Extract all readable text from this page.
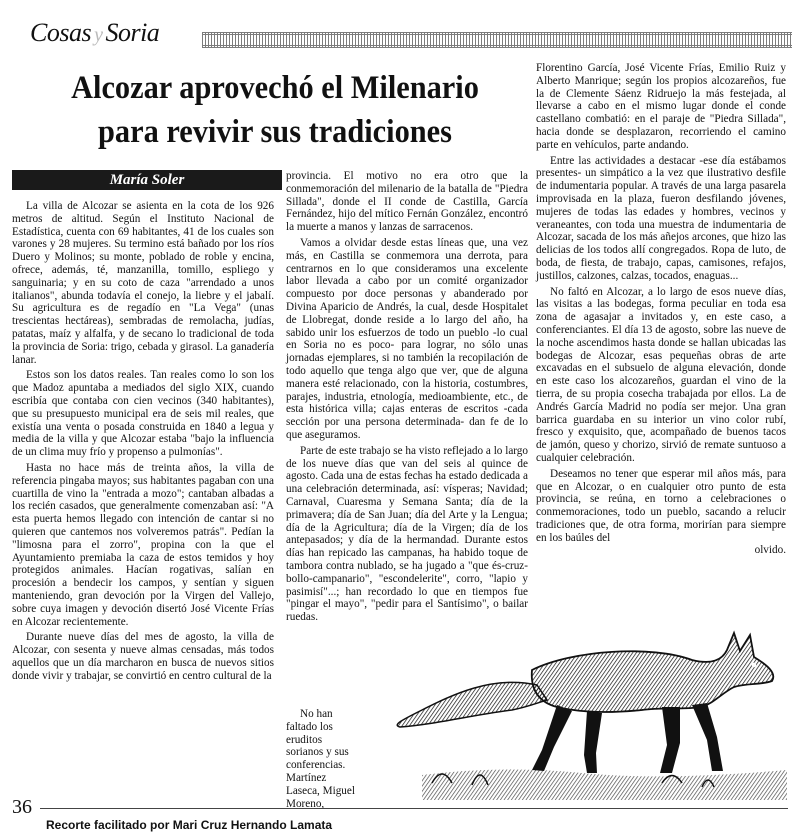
Cosas y Soria
Alcozar aprovechó el Milenario
para revivir sus tradiciones
María Soler

La villa de Alcozar se asienta en la cota de los 926 metros de altitud. Según el Instituto Nacional de Estadística, cuenta con 69 habitantes, 41 de los cuales son varones y 28 mujeres. Su termino está bañado por los ríos Duero y Molinos; su monte, poblado de roble y encina, ofrece, además, té, manzanilla, tomillo, espliego y sanguinaria; y en su coto de caza "arrendado a unos italianos", abunda todavía el conejo, la liebre y el jabalí. Su agricultura es de regadío en "La Vega" (unas trescientas hectáreas), sembradas de remolacha, judías, patatas, maíz y alfalfa, y de secano lo tradicional de toda la provincia de Soria: trigo, cebada y girasol. La ganadería lanar.

Estos son los datos reales. Tan reales como lo son los que Madoz apuntaba a mediados del siglo XIX, cuando escribía que contaba con cien vecinos (340 habitantes), que su presupuesto municipal era de seis mil reales, que existía una venta o posada construida en 1840 a legua y media de la villa y que Alcozar estaba "bajo la influencia de un clima muy frío y propenso a pulmonías".

Hasta no hace más de treinta años, la villa de referencia pingaba mayos; sus habitantes pagaban con una cuartilla de vino la "entrada a mozo"; cantaban albadas a los recién casados, que generalmente comenzaban así: "A esta puerta hemos llegado con intención de cantar si no quieren que cantemos nos volveremos patrás". Pedían la "limosna para el zorro", propina con la que el Ayuntamiento premiaba la caza de estos temidos y hoy protegidos animales. Hacían rogativas, salían en procesión a bendecir los campos, y sentían y siguen manteniendo, gran devoción por la Virgen del Vallejo, sobre cuya imagen y devoción disertó José Vicente Frías en Alcozar recientemente.

Durante nueve días del mes de agosto, la villa de Alcozar, con sesenta y nueve almas censadas, más todos aquellos que un día marcharon en busca de nuevos sitios donde vivir y trabajar, se convirtió en centro cultural de la

provincia. El motivo no era otro que la conmemoración del milenario de la batalla de "Piedra Sillada", donde el II conde de Castilla, García Fernández, hijo del mítico Fernán González, encontró la muerte a manos y lanzas de sarracenos.

Vamos a olvidar desde estas líneas que, una vez más, en Castilla se conmemora una derrota, para centrarnos en lo que consideramos una excelente labor llevada a cabo por un comité organizador compuesto por doce personas y abanderado por Divina Aparicio de Andrés, la cual, desde Hospitalet de Llobregat, donde reside a lo largo del año, ha sabido unir los esfuerzos de todo un pueblo -lo cual en Soria no es poco- para lograr, no sólo unas jornadas ejemplares, si no también la recopilación de todo aquello que tenga algo que ver, que de alguna manera esté relacionado, con la historia, costumbres, parajes, industria, etnología, medioambiente, etc., de esta histórica villa; cajas enteras de escritos -cada sección por una persona determinada- dan fe de lo que aseguramos.

Parte de este trabajo se ha visto reflejado a lo largo de los nueve días que van del seis al quince de agosto. Cada una de estas fechas ha estado dedicada a una celebración determinada, así: vísperas; Navidad; Carnaval, Cuaresma y Semana Santa; día de la primavera; día de San Juan; día del Arte y la Lengua; día de la Agricultura; día de la Virgen; día de los antepasados; y día de la hermandad. Durante estos días han repicado las campanas, ha habido toque de tambora contra nublado, se ha jugado a "que és-cruz-bollo-campanario", "escondelerite", corro, "lapio y pasimisí"...; han recordado lo que en tiempos fue "pingar el mayo", "pedir para el Santísimo", o bailar ruedas.

No han faltado los eruditos sorianos y sus conferencias. Martínez Laseca, Miguel Moreno,

Florentino García, José Vicente Frías, Emilio Ruiz y Alberto Manrique; según los propios alcozareños, fue la de Clemente Sáenz Ridruejo la más festejada, al llevarse a cabo en el mismo lugar donde el conde castellano combatió: en el paraje de "Piedra Sillada", hacia donde se desplazaron, recorriendo el camino parte en vehículos, parte andando.

Entre las actividades a destacar -ese día estábamos presentes- un simpático a la vez que ilustrativo desfile de indumentaria popular. A través de una larga pasarela improvisada en la plaza, fueron desfilando jóvenes, mujeres de todas las edades y hombres, vecinos y veraneantes, con toda una muestra de indumentaria de Alcozar, sacada de los más añejos arcones, que hizo las delicias de los todos allí congregados. Ropa de luto, de boda, de fiesta, de trabajo, capas, camisones, refajos, justillos, calzones, calzas, tocados, enaguas...

No faltó en Alcozar, a lo largo de esos nueve días, las visitas a las bodegas, forma peculiar en toda esa zona de agasajar a invitados y, en este caso, a conferenciantes. El día 13 de agosto, sobre las nueve de la noche ascendimos hasta donde se hallan ubicadas las bodegas de Alcozar, esas pequeñas obras de arte excavadas en el subsuelo de alguna elevación, donde en este caso los alcozareños, guardan el vino de la tierra, de su propia cosecha trabajada por ellos. La de Andrés García Madrid no podía ser mejor. Una gran barrica guardaba en su interior un vino color rubí, fresco y exquisito, que, acompañado de buenos tacos de jamón, queso y chorizo, sirvió de remate suntuoso a cualquier celebración.

Deseamos no tener que esperar mil años más, para que en Alcozar, o en cualquier otro punto de esta provincia, se reúna, en torno a celebraciones o conmemoraciones, todo un pueblo, sacando a relucir tradiciones que, de otra forma, morirían para siempre en los baúles del

olvido.

36
Recorte facilitado por Mari Cruz Hernando Lamata
